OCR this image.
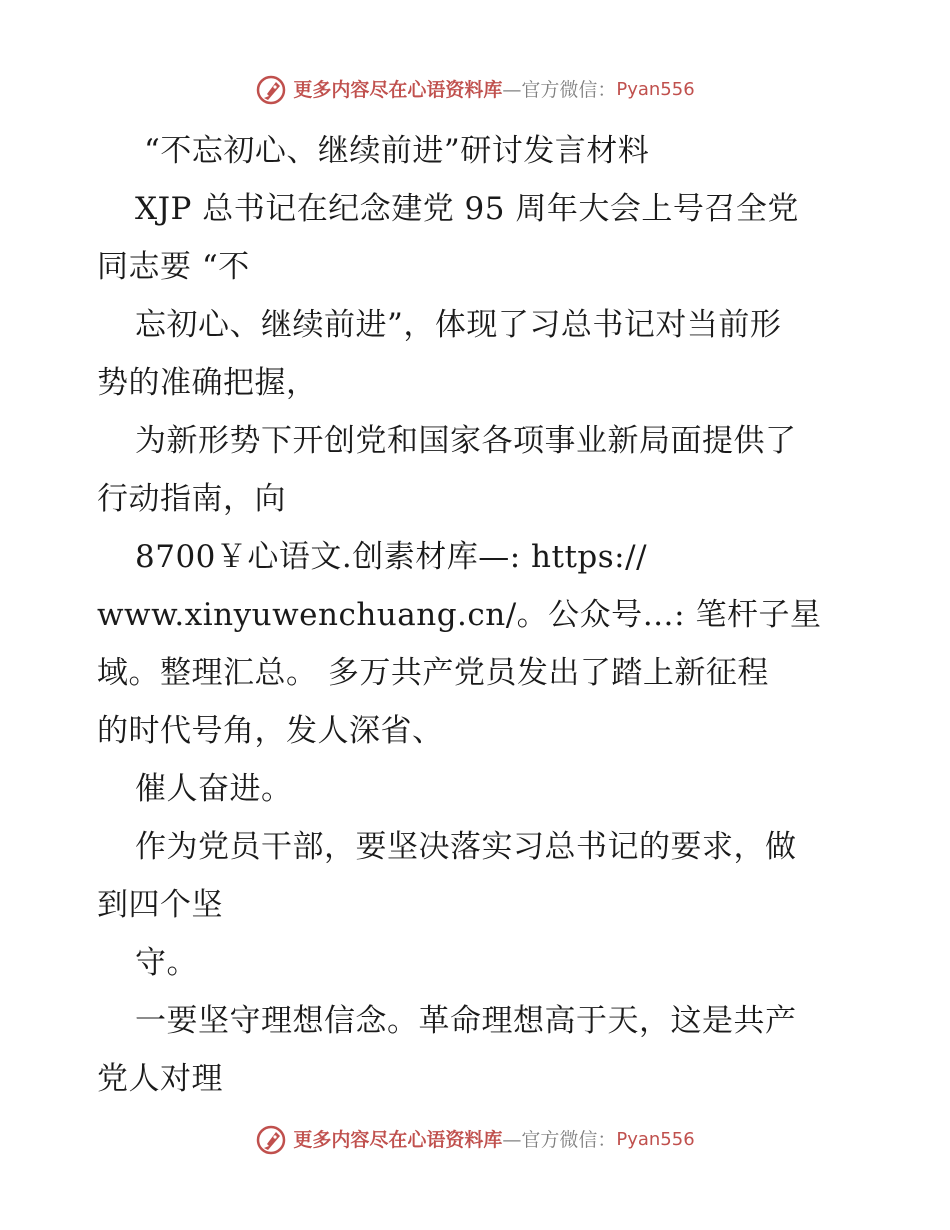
更多内容尽在心语资料库 — 官方微信： Pyan556
“不忘初心、继续前进”研讨发言材料
XJP 总书记在纪念建党 95 周年大会上号召全党
同志要 “不
忘初心、继续前进”，体现了习总书记对当前形
势的准确把握，
为新形势下开创党和国家各项事业新局面提供了
行动指南，向
8700￥心语文.创素材库—: https://
www.xinyuwenchuang.cn/。公众号…: 笔杆子星
域。整理汇总。 多万共产党员发出了踏上新征程
的时代号角，发人深省、
催人奋进。
作为党员干部，要坚决落实习总书记的要求，做
到四个坚
守。
一要坚守理想信念。革命理想高于天，这是共产
党人对理
更多内容尽在心语资料库 — 官方微信： Pyan556
